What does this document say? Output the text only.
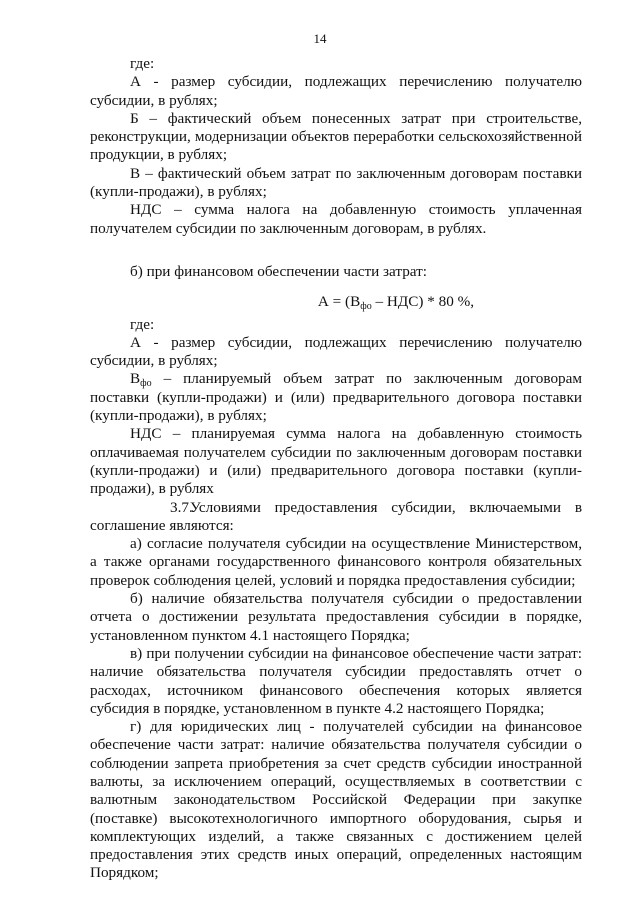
14

где:

А - размер субсидии, подлежащих перечислению получателю субсидии, в рублях;

Б – фактический объем понесенных затрат при строительстве, реконструкции, модернизации объектов переработки сельскохозяйственной продукции, в рублях;

В – фактический объем затрат по заключенным договорам поставки (купли-продажи), в рублях;

НДС – сумма налога на добавленную стоимость уплаченная получателем субсидии по заключенным договорам, в рублях.

б) при финансовом обеспечении части затрат:

$А = (В_{фо} - НДС) * 80$ %,

где:

А - размер субсидии, подлежащих перечислению получателю субсидии, в рублях;

$В_{фо}$ – планируемый объем затрат по заключенным договорам поставки (купли-продажи) и (или) предварительного договора поставки (купли-продажи), в рублях;

НДС – планируемая сумма налога на добавленную стоимость оплачиваемая получателем субсидии по заключенным договорам поставки (купли-продажи) и (или) предварительного договора поставки (купли-продажи), в рублях

3.7.Условиями предоставления субсидии, включаемыми в соглашение являются:

а) согласие получателя субсидии на осуществление Министерством, а также органами государственного финансового контроля обязательных проверок соблюдения целей, условий и порядка предоставления субсидии;

б) наличие обязательства получателя субсидии о предоставлении отчета о достижении результата предоставления субсидии в порядке, установленном пунктом 4.1 настоящего Порядка;

в) при получении субсидии на финансовое обеспечение части затрат: наличие обязательства получателя субсидии предоставлять отчет о расходах, источником финансового обеспечения которых является субсидия в порядке, установленном в пункте 4.2 настоящего Порядка;

г) для юридических лиц - получателей субсидии на финансовое обеспечение части затрат: наличие обязательства получателя субсидии о соблюдении запрета приобретения за счет средств субсидии иностранной валюты, за исключением операций, осуществляемых в соответствии с валютным законодательством Российской Федерации при закупке (поставке) высокотехнологичного импортного оборудования, сырья и комплектующих изделий, а также связанных с достижением целей предоставления этих средств иных операций, определенных настоящим Порядком;
